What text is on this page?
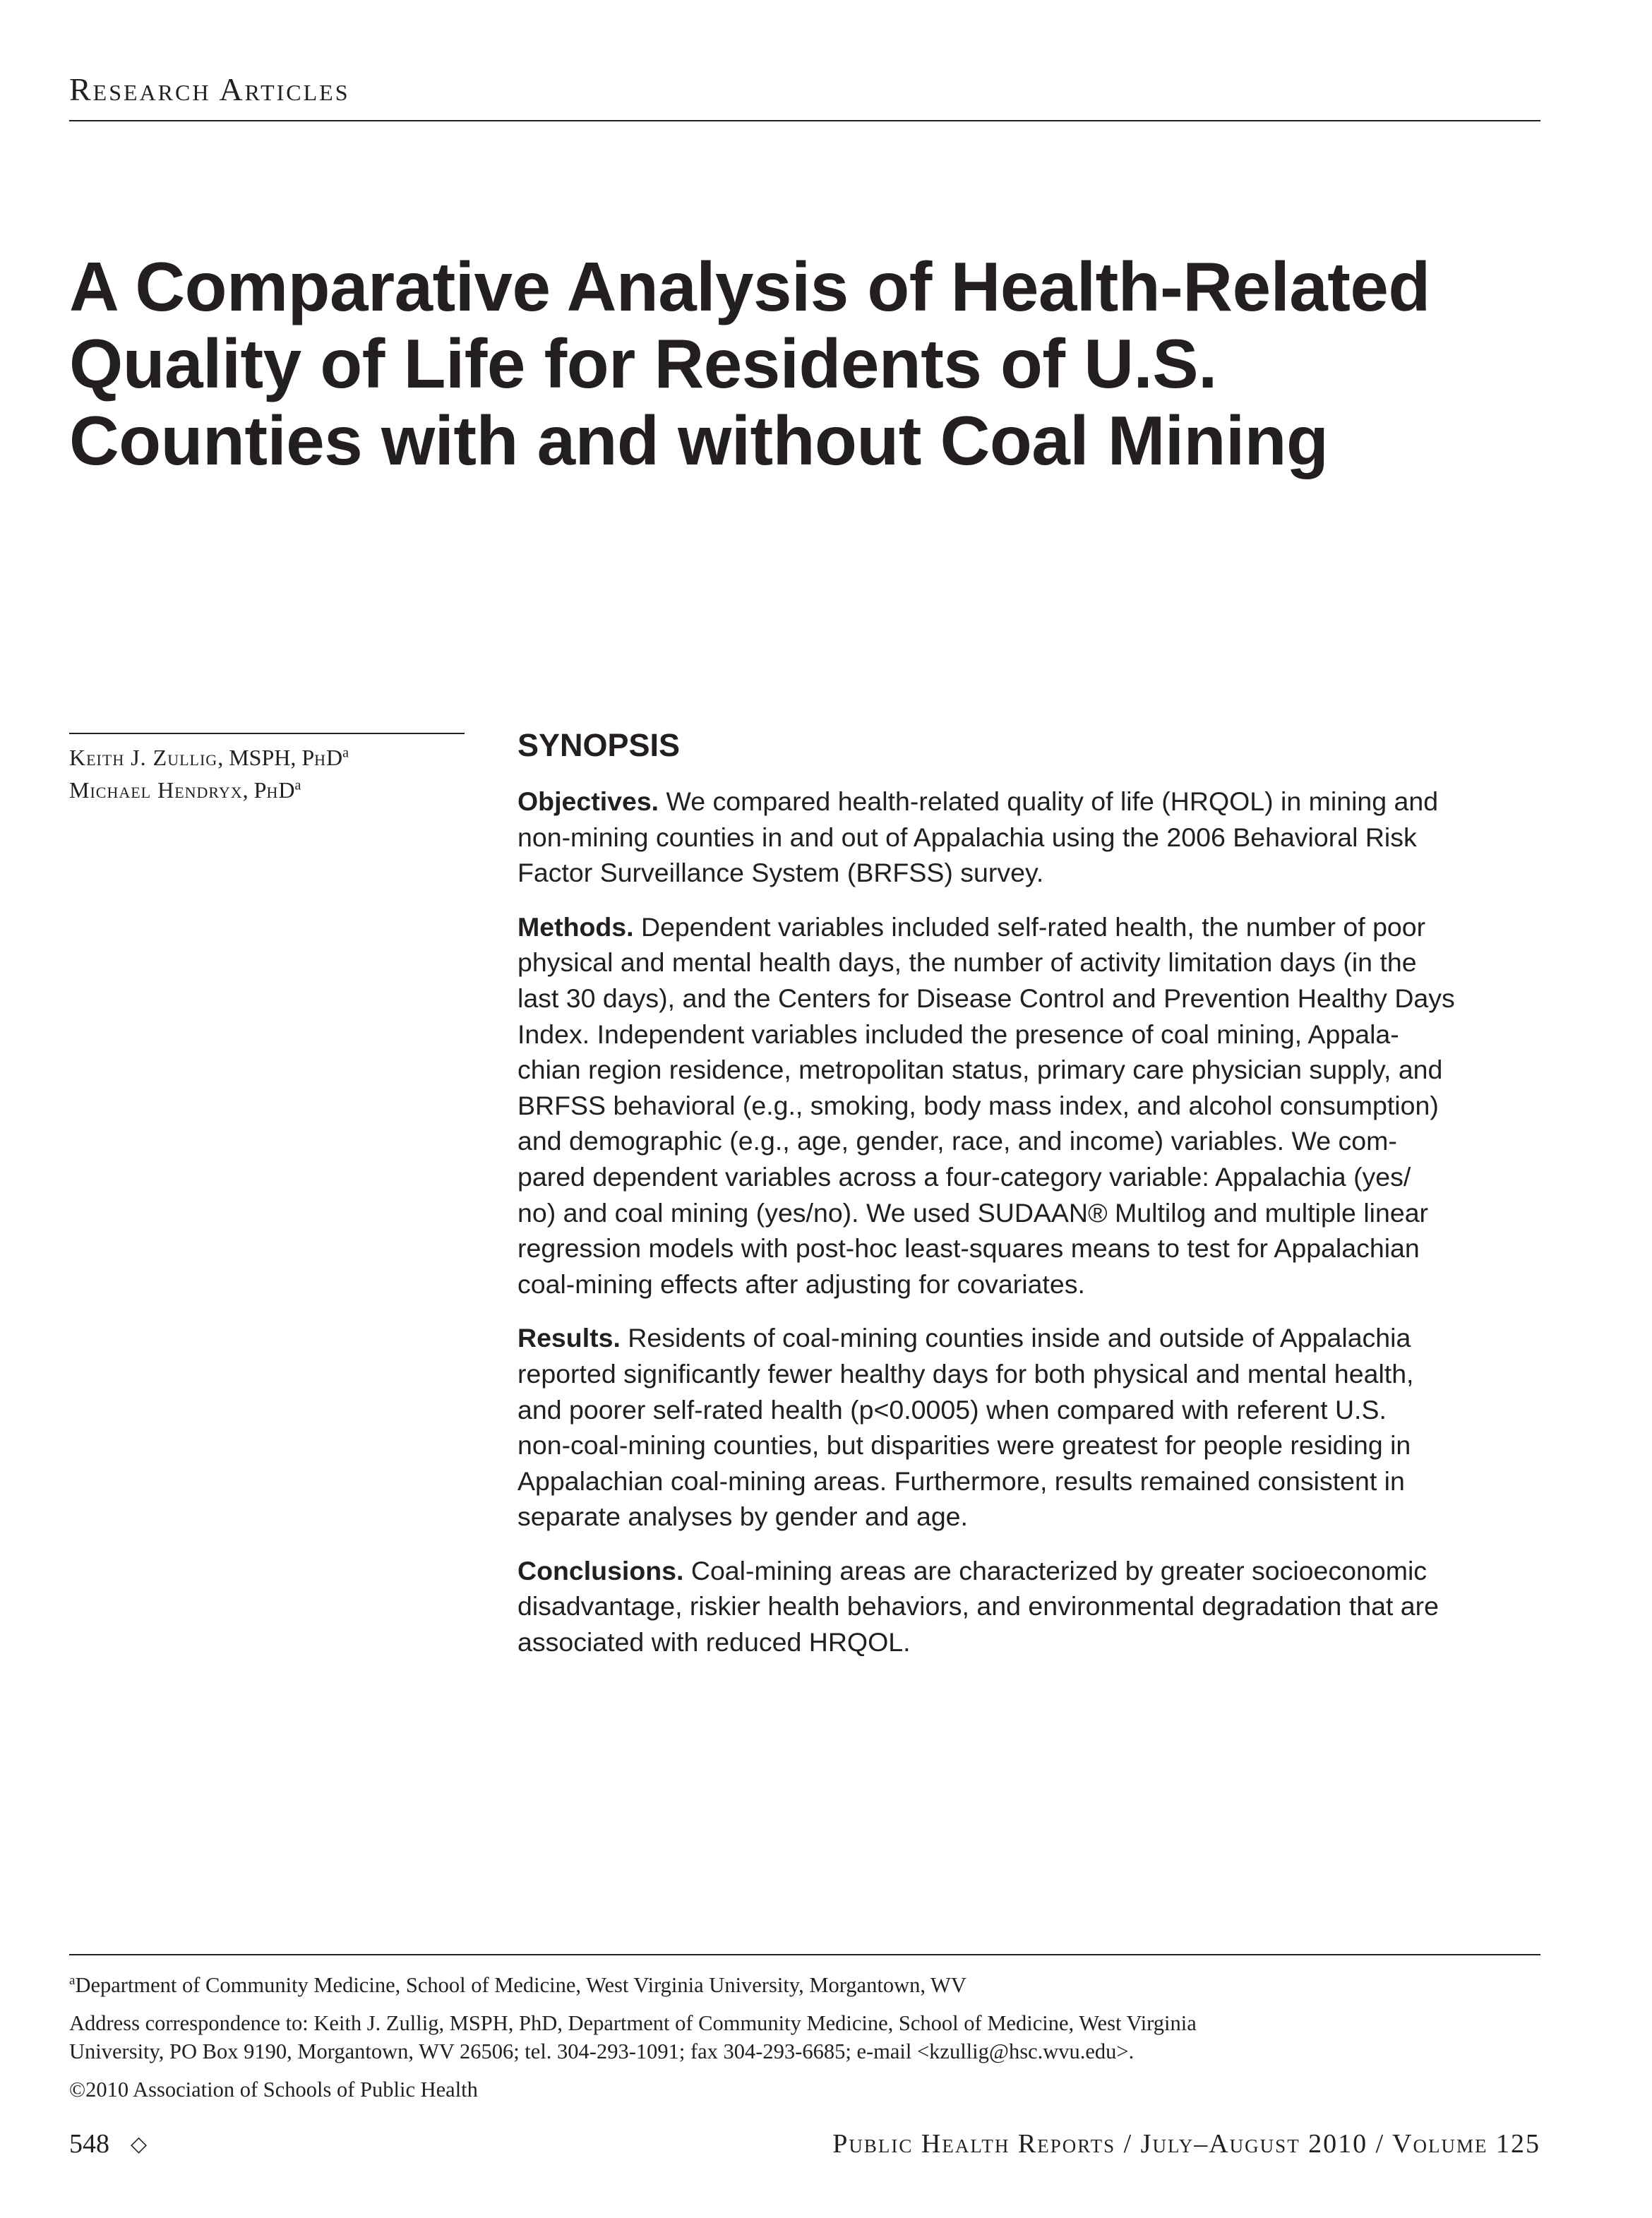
Research Articles
A Comparative Analysis of Health-Related
Quality of Life for Residents of U.S.
Counties with and without Coal Mining
Keith J. Zullig, MSPH, PhD$^a$
Michael Hendryx, PhD$^a$
SYNOPSIS

Objectives. We compared health-related quality of life (HRQOL) in mining and
non-mining counties in and out of Appalachia using the 2006 Behavioral Risk
Factor Surveillance System (BRFSS) survey.

Methods. Dependent variables included self-rated health, the number of poor
physical and mental health days, the number of activity limitation days (in the
last 30 days), and the Centers for Disease Control and Prevention Healthy Days
Index. Independent variables included the presence of coal mining, Appala-
chian region residence, metropolitan status, primary care physician supply, and
BRFSS behavioral (e.g., smoking, body mass index, and alcohol consumption)
and demographic (e.g., age, gender, race, and income) variables. We com-
pared dependent variables across a four-category variable: Appalachia (yes/
no) and coal mining (yes/no). We used SUDAAN® Multilog and multiple linear
regression models with post-hoc least-squares means to test for Appalachian
coal-mining effects after adjusting for covariates.

Results. Residents of coal-mining counties inside and outside of Appalachia
reported significantly fewer healthy days for both physical and mental health,
and poorer self-rated health (p<0.0005) when compared with referent U.S.
non-coal-mining counties, but disparities were greatest for people residing in
Appalachian coal-mining areas. Furthermore, results remained consistent in
separate analyses by gender and age.

Conclusions. Coal-mining areas are characterized by greater socioeconomic
disadvantage, riskier health behaviors, and environmental degradation that are
associated with reduced HRQOL.

$^a$Department of Community Medicine, School of Medicine, West Virginia University, Morgantown, WV

Address correspondence to: Keith J. Zullig, MSPH, PhD, Department of Community Medicine, School of Medicine, West Virginia
University, PO Box 9190, Morgantown, WV 26506; tel. 304-293-1091; fax 304-293-6685; e-mail <kzullig@hsc.wvu.edu>.

©2010 Association of Schools of Public Health

548 ◇	Public Health Reports / July–August 2010 / Volume 125
